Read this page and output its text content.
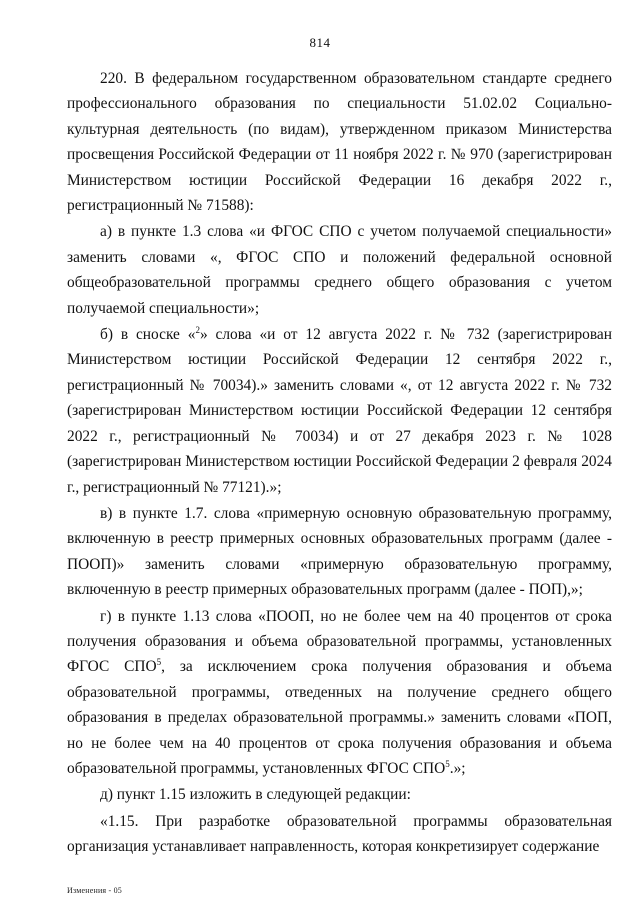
814

220. В федеральном государственном образовательном стандарте среднего профессионального образования по специальности 51.02.02 Социально-культурная деятельность (по видам), утвержденном приказом Министерства просвещения Российской Федерации от 11 ноября 2022 г. № 970 (зарегистрирован Министерством юстиции Российской Федерации 16 декабря 2022 г., регистрационный № 71588):

а) в пункте 1.3 слова «и ФГОС СПО с учетом получаемой специальности» заменить словами «, ФГОС СПО и положений федеральной основной общеобразовательной программы среднего общего образования с учетом получаемой специальности»;

б) в сноске «$^2$» слова «и от 12 августа 2022 г. № 732 (зарегистрирован Министерством юстиции Российской Федерации 12 сентября 2022 г., регистрационный № 70034).» заменить словами «, от 12 августа 2022 г. № 732 (зарегистрирован Министерством юстиции Российской Федерации 12 сентября 2022 г., регистрационный № 70034) и от 27 декабря 2023 г. № 1028 (зарегистрирован Министерством юстиции Российской Федерации 2 февраля 2024 г., регистрационный № 77121).»;

в) в пункте 1.7. слова «примерную основную образовательную программу, включенную в реестр примерных основных образовательных программ (далее - ПООП)» заменить словами «примерную образовательную программу, включенную в реестр примерных образовательных программ (далее - ПОП),»;

г) в пункте 1.13 слова «ПООП, но не более чем на 40 процентов от срока получения образования и объема образовательной программы, установленных ФГОС СПО$^5$, за исключением срока получения образования и объема образовательной программы, отведенных на получение среднего общего образования в пределах образовательной программы.» заменить словами «ПОП, но не более чем на 40 процентов от срока получения образования и объема образовательной программы, установленных ФГОС СПО$^5$.»;

д) пункт 1.15 изложить в следующей редакции:

«1.15. При разработке образовательной программы образовательная организация устанавливает направленность, которая конкретизирует содержание

Изменения - 05
